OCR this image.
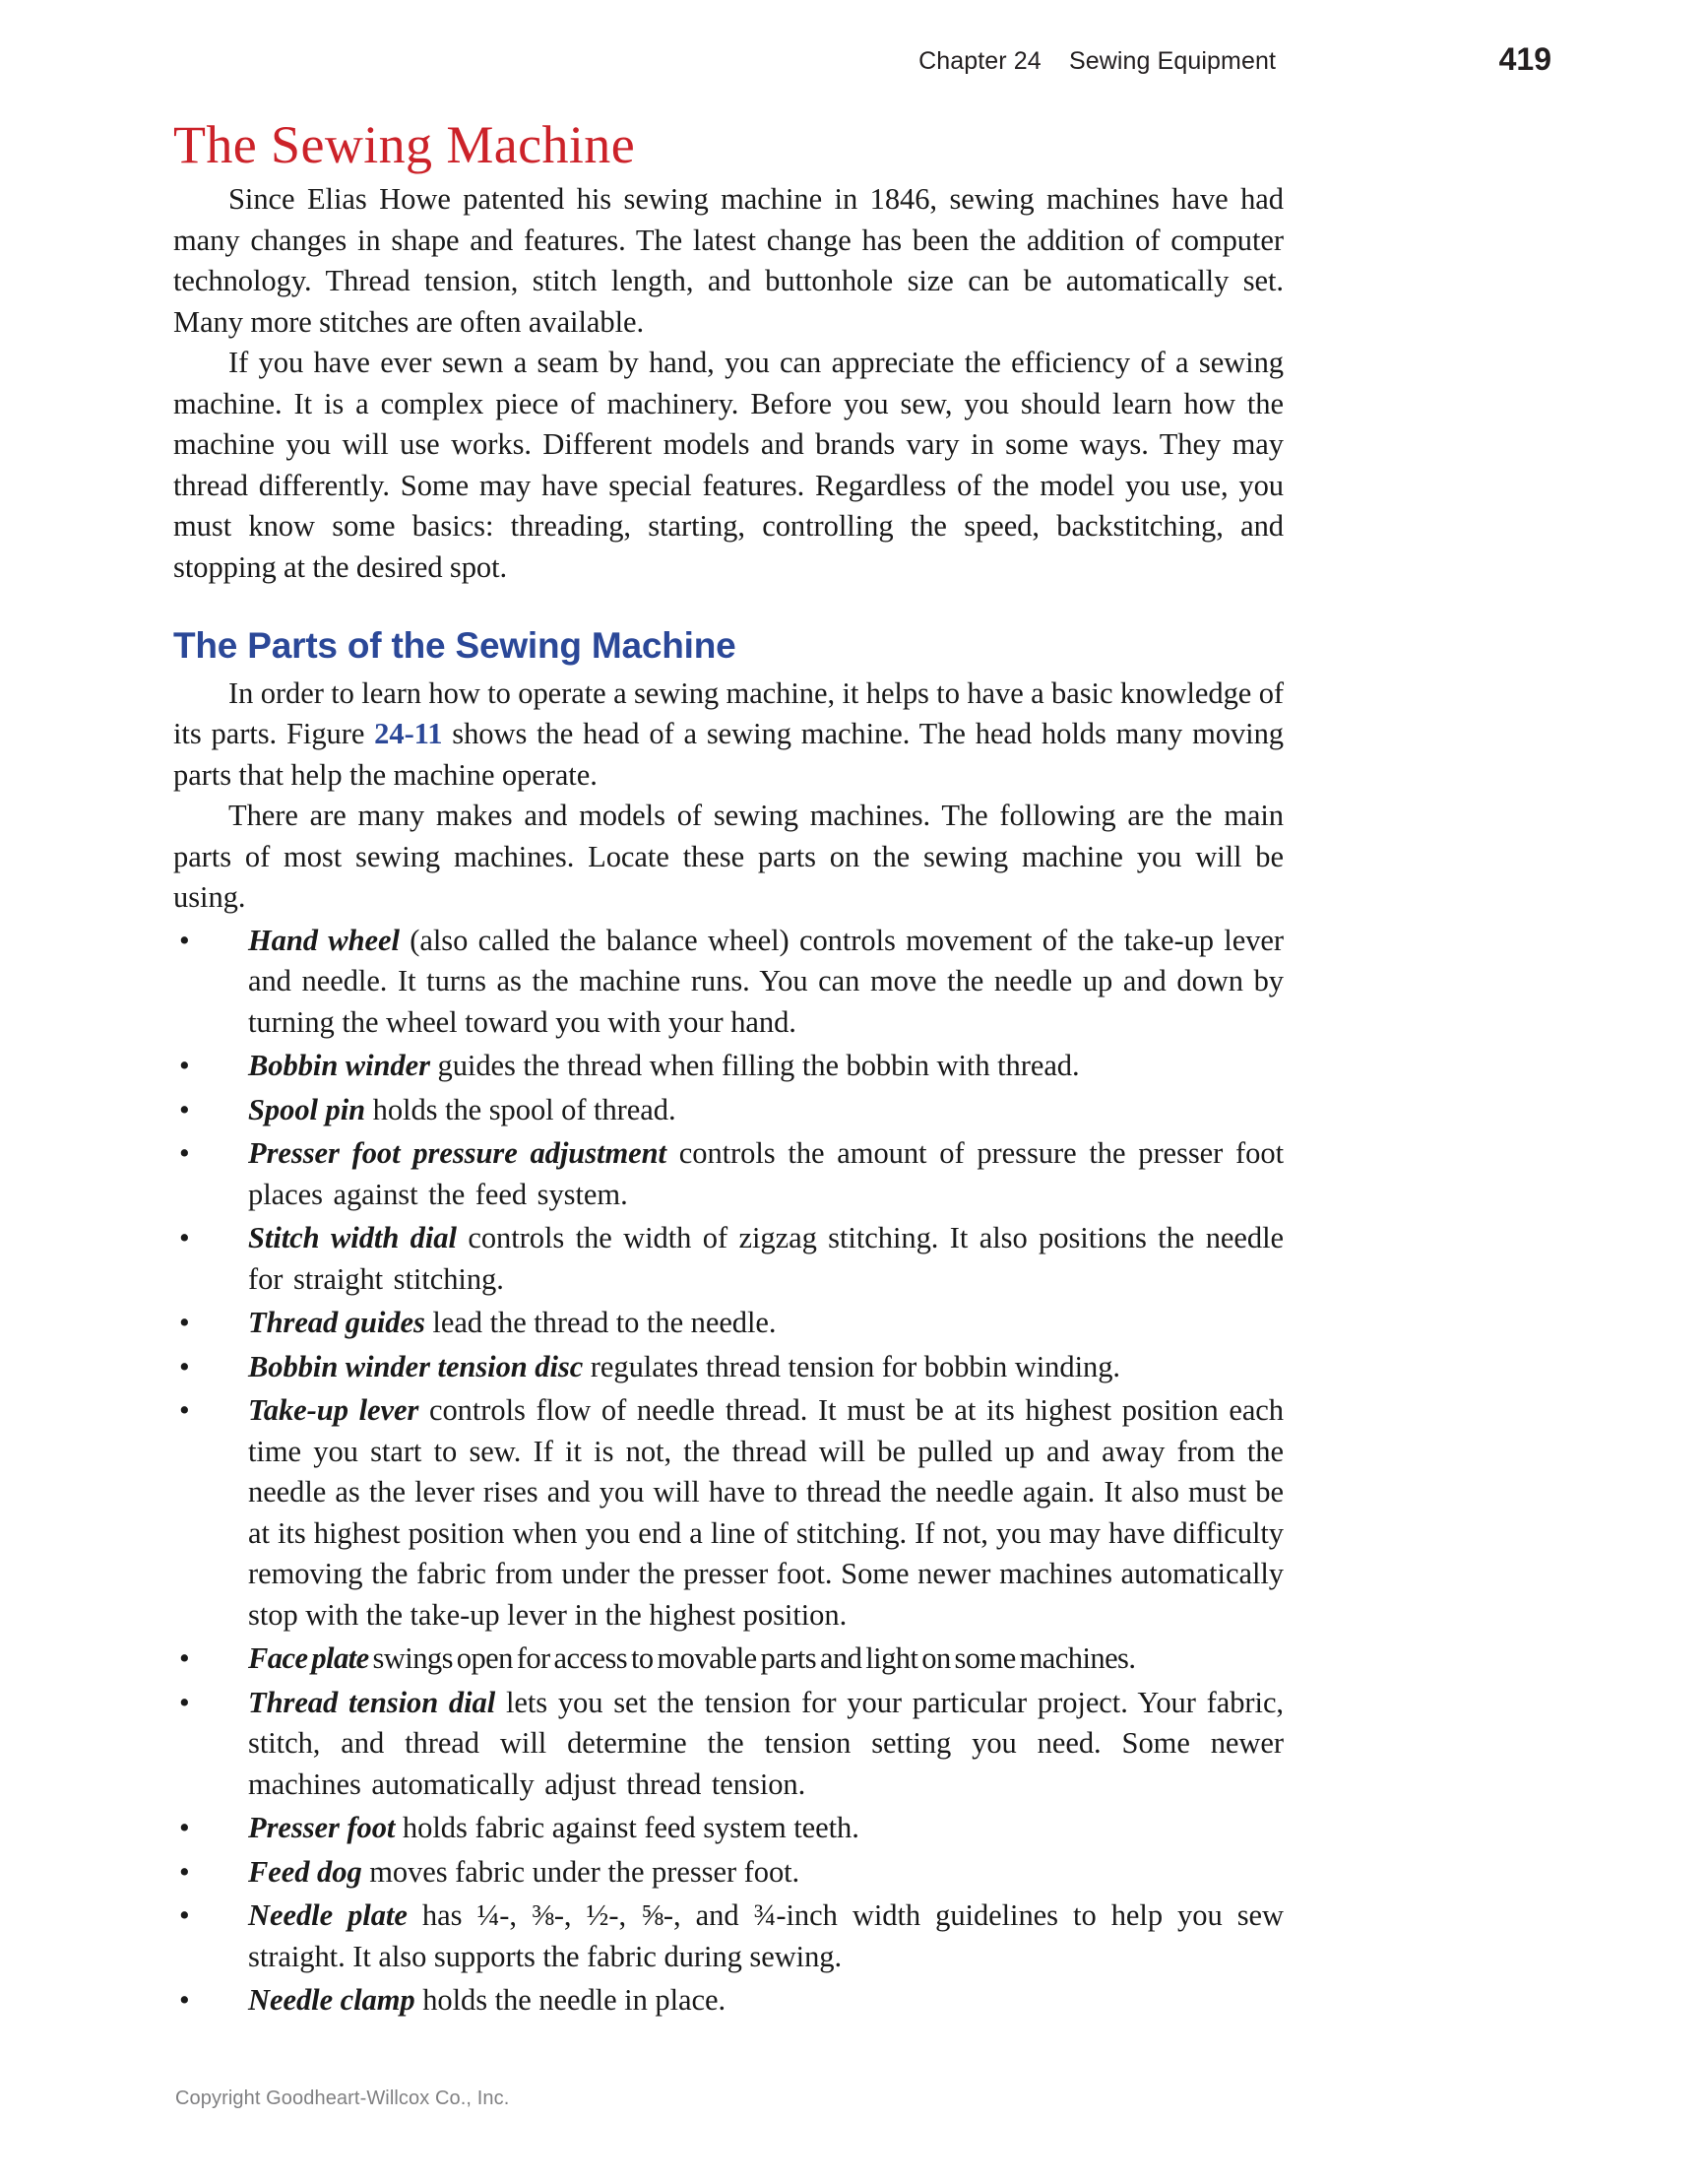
Chapter 24    Sewing Equipment	419
The Sewing Machine

Since Elias Howe patented his sewing machine in 1846, sewing machines have had many changes in shape and features. The latest change has been the addition of computer technology. Thread tension, stitch length, and buttonhole size can be automatically set. Many more stitches are often available.

If you have ever sewn a seam by hand, you can appreciate the efficiency of a sewing machine. It is a complex piece of machinery. Before you sew, you should learn how the machine you will use works. Different models and brands vary in some ways. They may thread differently. Some may have special features. Regardless of the model you use, you must know some basics: threading, starting, controlling the speed, backstitching, and stopping at the desired spot.

The Parts of the Sewing Machine

In order to learn how to operate a sewing machine, it helps to have a basic knowledge of its parts. Figure 24-11 shows the head of a sewing machine. The head holds many moving parts that help the machine operate.

There are many makes and models of sewing machines. The following are the main parts of most sewing machines. Locate these parts on the sewing machine you will be using.

•	Hand wheel (also called the balance wheel) controls movement of the take-up lever and needle. It turns as the machine runs. You can move the needle up and down by turning the wheel toward you with your hand.
•	Bobbin winder guides the thread when filling the bobbin with thread.
•	Spool pin holds the spool of thread.
•	Presser foot pressure adjustment controls the amount of pressure the presser foot places against the feed system.
•	Stitch width dial controls the width of zigzag stitching. It also positions the needle for straight stitching.
•	Thread guides lead the thread to the needle.
•	Bobbin winder tension disc regulates thread tension for bobbin winding.
•	Take-up lever controls flow of needle thread. It must be at its highest position each time you start to sew. If it is not, the thread will be pulled up and away from the needle as the lever rises and you will have to thread the needle again. It also must be at its highest position when you end a line of stitching. If not, you may have difficulty removing the fabric from under the presser foot. Some newer machines automatically stop with the take-up lever in the highest position.
•	Face plate swings open for access to movable parts and light on some machines.
•	Thread tension dial lets you set the tension for your particular project. Your fabric, stitch, and thread will determine the tension setting you need. Some newer machines automatically adjust thread tension.
•	Presser foot holds fabric against feed system teeth.
•	Feed dog moves fabric under the presser foot.
•	Needle plate has ¼-, ⅜-, ½-, ⅝-, and ¾-inch width guidelines to help you sew straight. It also supports the fabric during sewing.
•	Needle clamp holds the needle in place.
Copyright Goodheart-Willcox Co., Inc.
